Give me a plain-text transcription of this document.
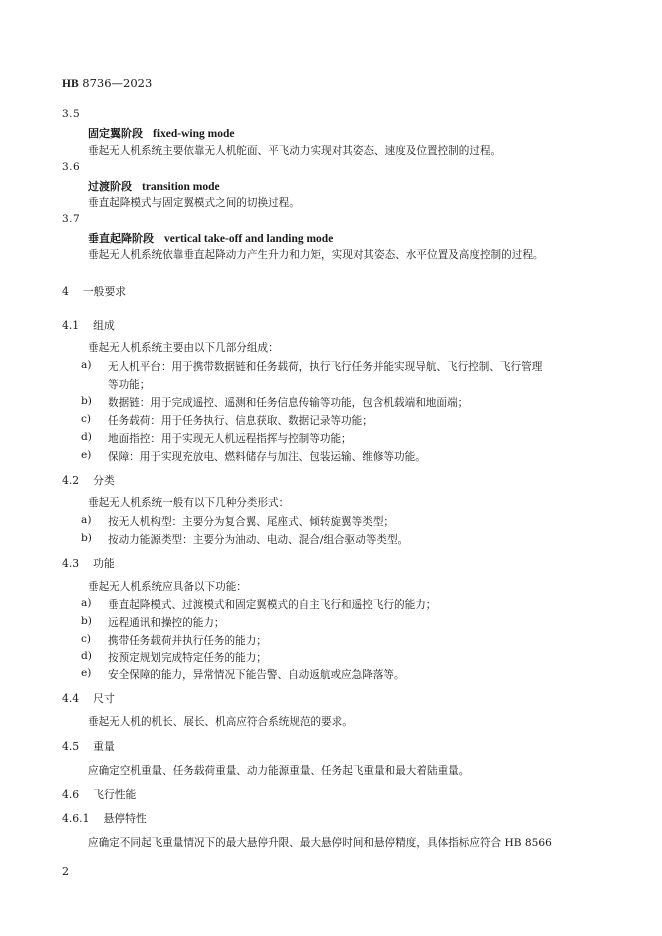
HB 8736—2023
3.5
固定翼阶段 fixed-wing mode
垂起无人机系统主要依靠无人机舵面、平飞动力实现对其姿态、速度及位置控制的过程。
3.6
过渡阶段 transition mode
垂直起降模式与固定翼模式之间的切换过程。
3.7
垂直起降阶段 vertical take-off and landing mode
垂起无人机系统依靠垂直起降动力产生升力和力矩，实现对其姿态、水平位置及高度控制的过程。
4 一般要求
4.1 组成
垂起无人机系统主要由以下几部分组成：
a) 无人机平台：用于携带数据链和任务载荷，执行飞行任务并能实现导航、飞行控制、飞行管理
等功能；
b) 数据链：用于完成遥控、遥测和任务信息传输等功能，包含机载端和地面端；
c) 任务载荷：用于任务执行、信息获取、数据记录等功能；
d) 地面指控：用于实现无人机远程指挥与控制等功能；
e) 保障：用于实现充放电、燃料储存与加注、包装运输、维修等功能。
4.2 分类
垂起无人机系统一般有以下几种分类形式：
a) 按无人机构型：主要分为复合翼、尾座式、倾转旋翼等类型；
b) 按动力能源类型：主要分为油动、电动、混合/组合驱动等类型。
4.3 功能
垂起无人机系统应具备以下功能：
a) 垂直起降模式、过渡模式和固定翼模式的自主飞行和遥控飞行的能力；
b) 远程通讯和操控的能力；
c) 携带任务载荷并执行任务的能力；
d) 按预定规划完成特定任务的能力；
e) 安全保障的能力，异常情况下能告警、自动返航或应急降落等。
4.4 尺寸
垂起无人机的机长、展长、机高应符合系统规范的要求。
4.5 重量
应确定空机重量、任务载荷重量、动力能源重量、任务起飞重量和最大着陆重量。
4.6 飞行性能
4.6.1 悬停特性
应确定不同起飞重量情况下的最大悬停升限、最大悬停时间和悬停精度，具体指标应符合 HB 8566
2
